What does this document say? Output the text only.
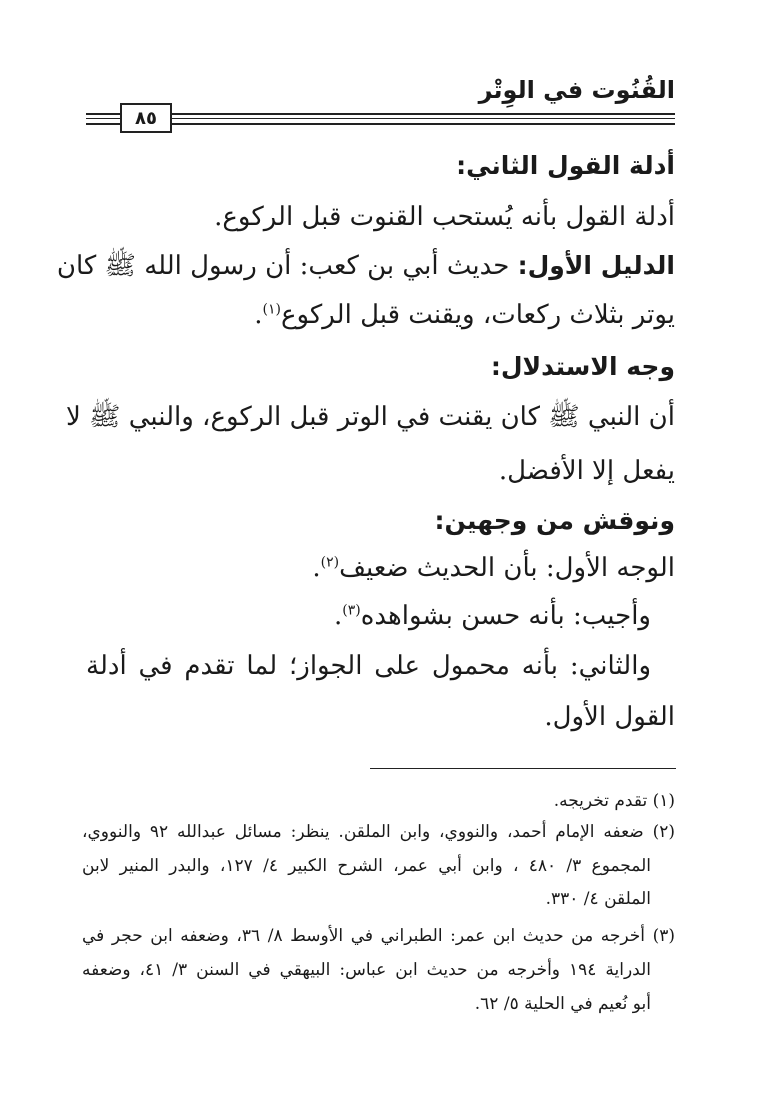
القُنُوت في الوِتْر
٨٥
أدلة القول الثاني:
أدلة القول بأنه يُستحب القنوت قبل الركوع.
الدليل الأول: حديث أبي بن كعب: أن رسول الله ﷺ كان
يوتر بثلاث ركعات، ويقنت قبل الركوع$^{(١)}$.
وجه الاستدلال:
أن النبي ﷺ كان يقنت في الوتر قبل الركوع، والنبي ﷺ لا
يفعل إلا الأفضل.
ونوقش من وجهين:
الوجه الأول: بأن الحديث ضعيف$^{(٢)}$.
وأجيب: بأنه حسن بشواهده$^{(٣)}$.
والثاني: بأنه محمول على الجواز؛ لما تقدم في أدلة
القول الأول.
(١) تقدم تخريجه.
(٢) ضعفه الإمام أحمد، والنووي، وابن الملقن. ينظر: مسائل عبدالله ٩٢ والنووي،
المجموع ٣/ ٤٨٠ ، وابن أبي عمر، الشرح الكبير ٤/ ١٢٧، والبدر المنير لابن
الملقن ٤/ ٣٣٠.
(٣) أخرجه من حديث ابن عمر: الطبراني في الأوسط ٨/ ٣٦، وضعفه ابن حجر في
الدراية ١٩٤ وأخرجه من حديث ابن عباس: البيهقي في السنن ٣/ ٤١، وضعفه
أبو نُعيم في الحلية ٥/ ٦٢.
